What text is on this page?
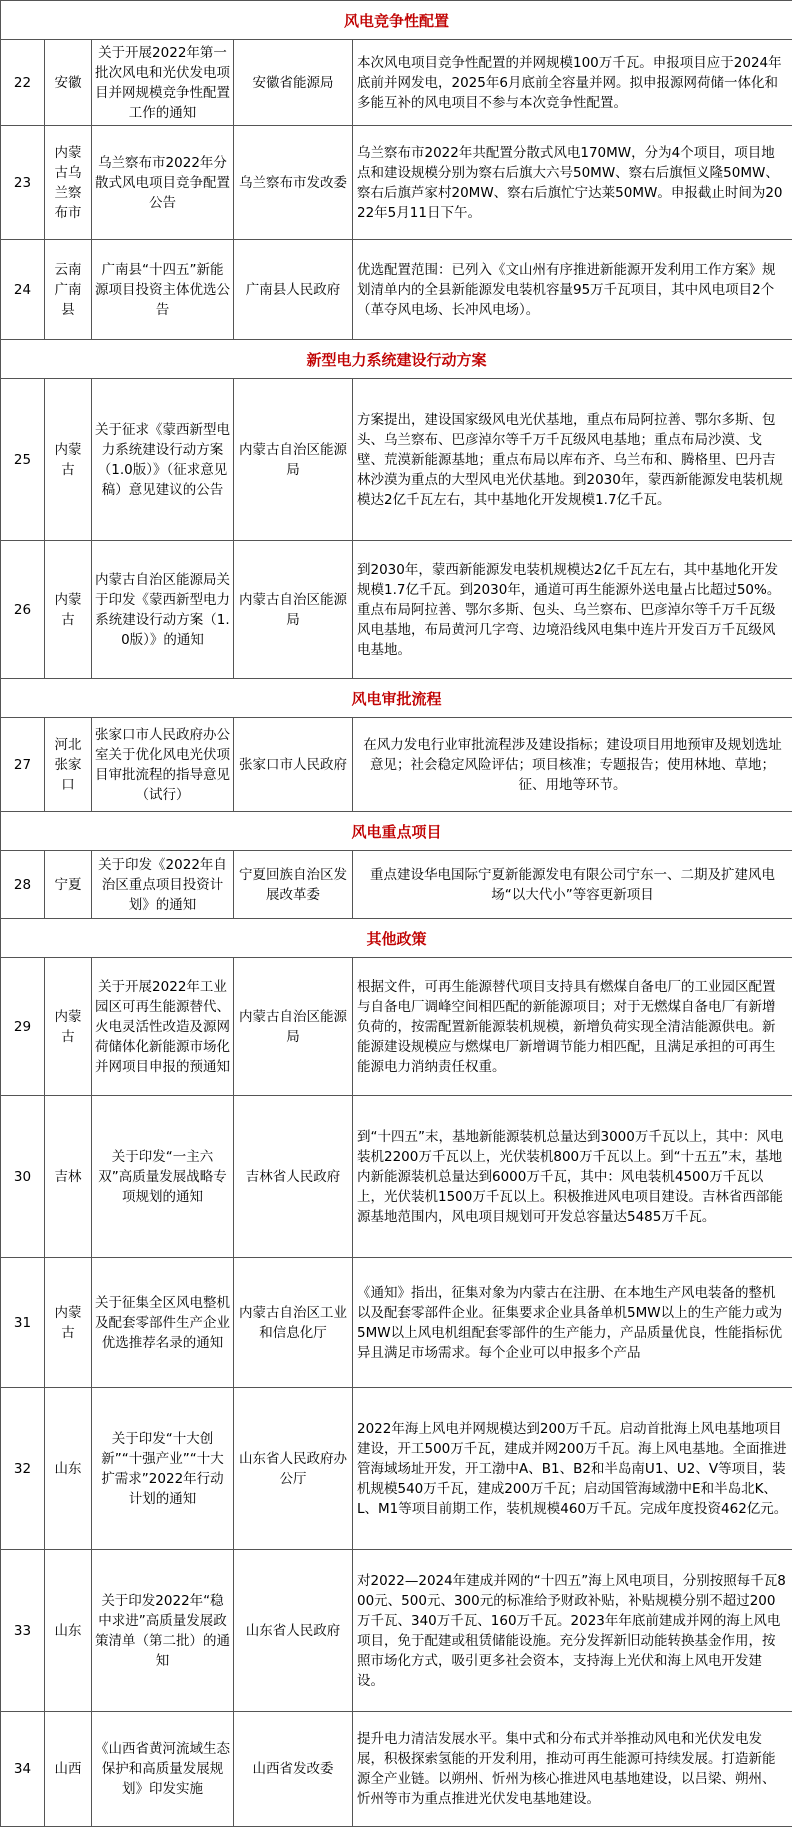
风电竞争性配置				
22	安徽	关于开展2022年第一批次风电和光伏发电项目并网规模竞争性配置工作的通知	安徽省能源局	本次风电项目竞争性配置的并网规模100万千瓦。申报项目应于2024年底前并网发电，2025年6月底前全容量并网。拟申报源网荷储一体化和多能互补的风电项目不参与本次竞争性配置。
23	内蒙古乌兰察布市	乌兰察布市2022年分散式风电项目竞争配置公告	乌兰察布市发改委	乌兰察布市2022年共配置分散式风电170MW，分为4个项目，项目地点和建设规模分别为察右后旗大六号50MW、察右后旗恒义隆50MW、察右后旗芦家村20MW、察右后旗忙宁达莱50MW。申报截止时间为2022年5月11日下午。
24	云南广南县	广南县“十四五”新能源项目投资主体优选公告	广南县人民政府	优选配置范围：已列入《文山州有序推进新能源开发利用工作方案》规划清单内的全县新能源发电装机容量95万千瓦项目，其中风电项目2个（革夺风电场、长冲风电场）。
新型电力系统建设行动方案				
25	内蒙古	关于征求《蒙西新型电力系统建设行动方案（1.0版）》（征求意见稿）意见建议的公告	内蒙古自治区能源局	方案提出，建设国家级风电光伏基地，重点布局阿拉善、鄂尔多斯、包头、乌兰察布、巴彦淖尔等千万千瓦级风电基地；重点布局沙漠、戈壁、荒漠新能源基地；重点布局以库布齐、乌兰布和、腾格里、巴丹吉林沙漠为重点的大型风电光伏基地。到2030年，蒙西新能源发电装机规模达2亿千瓦左右，其中基地化开发规模1.7亿千瓦。
26	内蒙古	内蒙古自治区能源局关于印发《蒙西新型电力系统建设行动方案（1.0版）》的通知	内蒙古自治区能源局	到2030年，蒙西新能源发电装机规模达2亿千瓦左右，其中基地化开发规模1.7亿千瓦。到2030年，通道可再生能源外送电量占比超过50%。重点布局阿拉善、鄂尔多斯、包头、乌兰察布、巴彦淖尔等千万千瓦级风电基地，布局黄河几字弯、边境沿线风电集中连片开发百万千瓦级风电基地。
风电审批流程				
27	河北张家口	张家口市人民政府办公室关于优化风电光伏项目审批流程的指导意见（试行）	张家口市人民政府	在风力发电行业审批流程涉及建设指标；建设项目用地预审及规划选址意见；社会稳定风险评估；项目核准；专题报告；使用林地、草地；征、用地等环节。
风电重点项目				
28	宁夏	关于印发《2022年自治区重点项目投资计划》的通知	宁夏回族自治区发展改革委	重点建设华电国际宁夏新能源发电有限公司宁东一、二期及扩建风电场“以大代小”等容更新项目
其他政策				
29	内蒙古	关于开展2022年工业园区可再生能源替代、火电灵活性改造及源网荷储体化新能源市场化并网项目申报的预通知	内蒙古自治区能源局	根据文件，可再生能源替代项目支持具有燃煤自备电厂的工业园区配置与自备电厂调峰空间相匹配的新能源项目；对于无燃煤自备电厂有新增负荷的，按需配置新能源装机规模，新增负荷实现全清洁能源供电。新能源建设规模应与燃煤电厂新增调节能力相匹配，且满足承担的可再生能源电力消纳责任权重。
30	吉林	关于印发“一主六双”高质量发展战略专项规划的通知	吉林省人民政府	到“十四五”末，基地新能源装机总量达到3000万千瓦以上，其中：风电装机2200万千瓦以上，光伏装机800万千瓦以上。到“十五五”末，基地内新能源装机总量达到6000万千瓦，其中：风电装机4500万千瓦以上，光伏装机1500万千瓦以上。积极推进风电项目建设。吉林省西部能源基地范围内，风电项目规划可开发总容量达5485万千瓦。
31	内蒙古	关于征集全区风电整机及配套零部件生产企业优选推荐名录的通知	内蒙古自治区工业和信息化厅	《通知》指出，征集对象为内蒙古在注册、在本地生产风电装备的整机以及配套零部件企业。征集要求企业具备单机5MW以上的生产能力或为5MW以上风电机组配套零部件的生产能力，产品质量优良，性能指标优异且满足市场需求。每个企业可以申报多个产品
32	山东	关于印发“十大创新”“十强产业”“十大扩需求”2022年行动计划的通知	山东省人民政府办公厅	2022年海上风电并网规模达到200万千瓦。启动首批海上风电基地项目建设，开工500万千瓦，建成并网200万千瓦。海上风电基地。全面推进管海域场址开发，开工渤中A、B1、B2和半岛南U1、U2、V等项目，装机规模540万千瓦，建成200万千瓦；启动国管海域渤中E和半岛北K、L、M1等项目前期工作，装机规模460万千瓦。完成年度投资462亿元。
33	山东	关于印发2022年“稳中求进”高质量发展政策清单（第二批）的通知	山东省人民政府	对2022—2024年建成并网的“十四五”海上风电项目，分别按照每千瓦800元、500元、300元的标准给予财政补贴，补贴规模分别不超过200万千瓦、340万千瓦、160万千瓦。2023年年底前建成并网的海上风电项目，免于配建或租赁储能设施。充分发挥新旧动能转换基金作用，按照市场化方式，吸引更多社会资本，支持海上光伏和海上风电开发建设。
34	山西	《山西省黄河流域生态保护和高质量发展规划》印发实施	山西省发改委	提升电力清洁发展水平。集中式和分布式并举推动风电和光伏发电发展，积极探索氢能的开发利用，推动可再生能源可持续发展。打造新能源全产业链。以朔州、忻州为核心推进风电基地建设，以吕梁、朔州、忻州等市为重点推进光伏发电基地建设。
